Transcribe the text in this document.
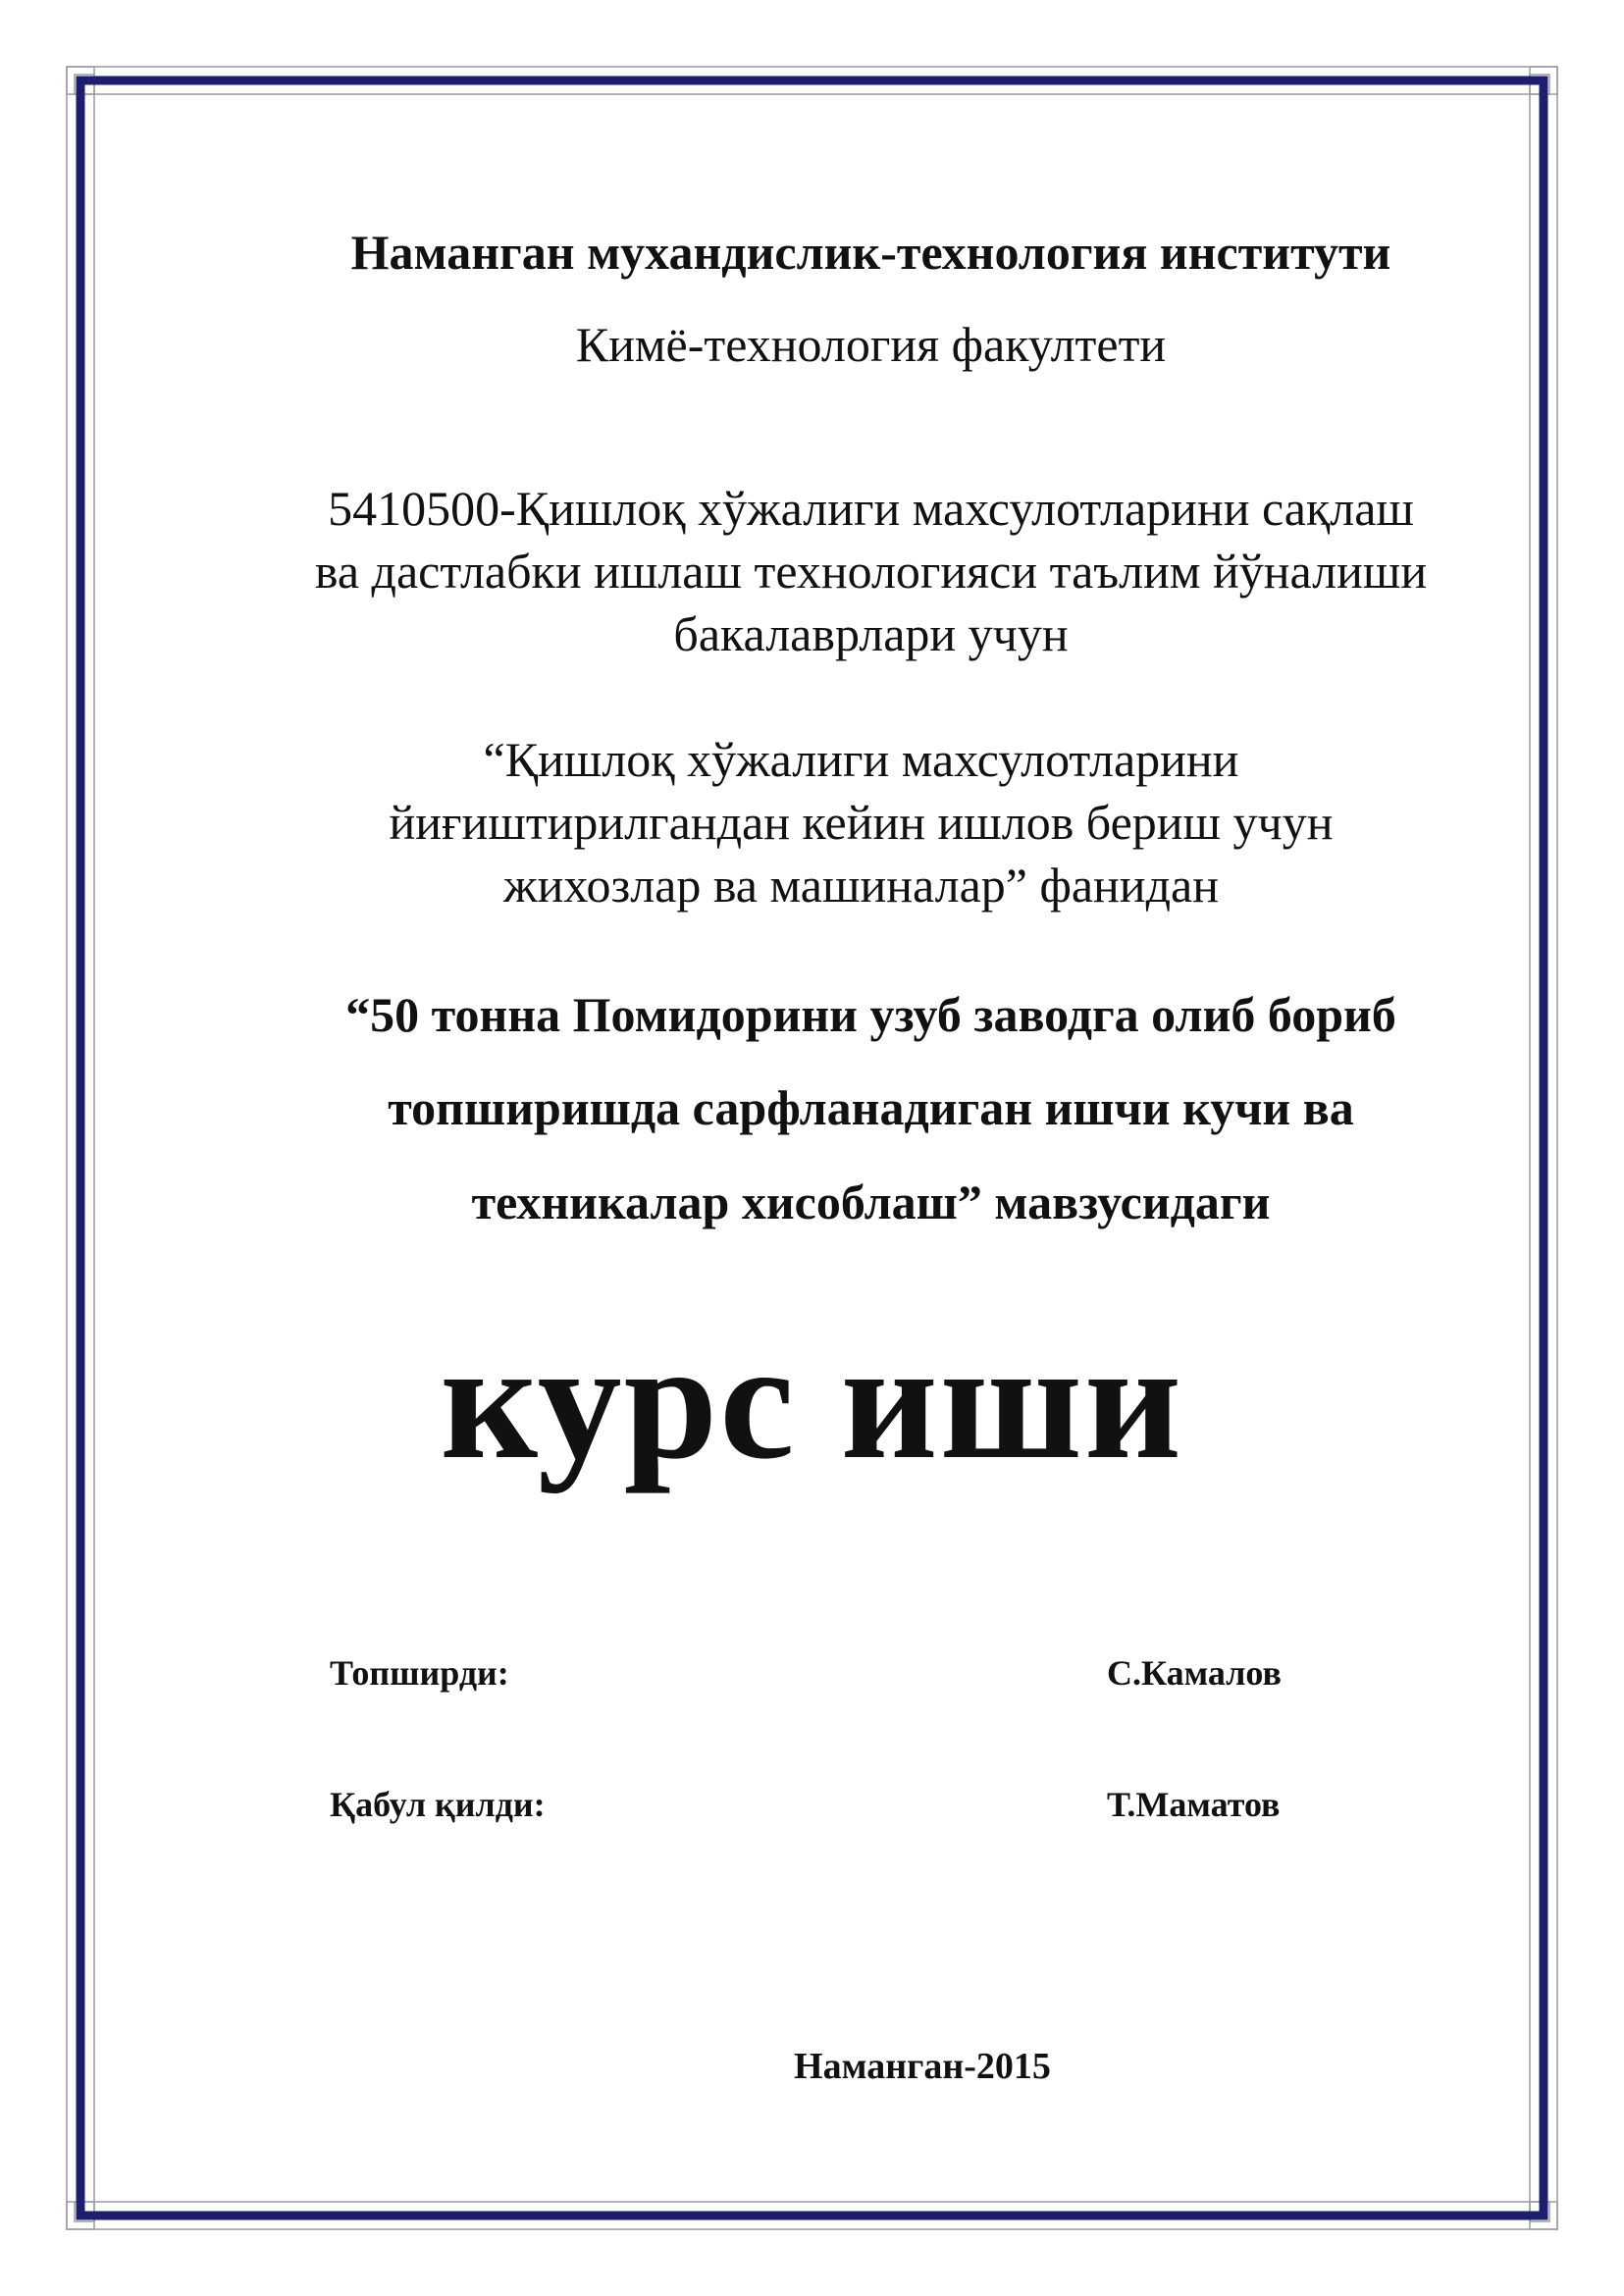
Наманган мухандислик-технология институти
Кимё-технология факултети
5410500-Қишлоқ хўжалиги махсулотларини сақлаш
ва дастлабки ишлаш технологияси таълим йўналиши
бакалаврлари учун
“Қишлоқ хўжалиги махсулотларини
йиғиштирилгандан кейин ишлов бериш учун
жихозлар ва машиналар” фанидан
“50 тонна Помидорини узуб заводга олиб бориб
топширишда сарфланадиган ишчи кучи ва
техникалар хисоблаш” мавзусидаги
курс иши
Топширди:	С.Камалов
Қабул қилди:	Т.Маматов
Наманган-2015
